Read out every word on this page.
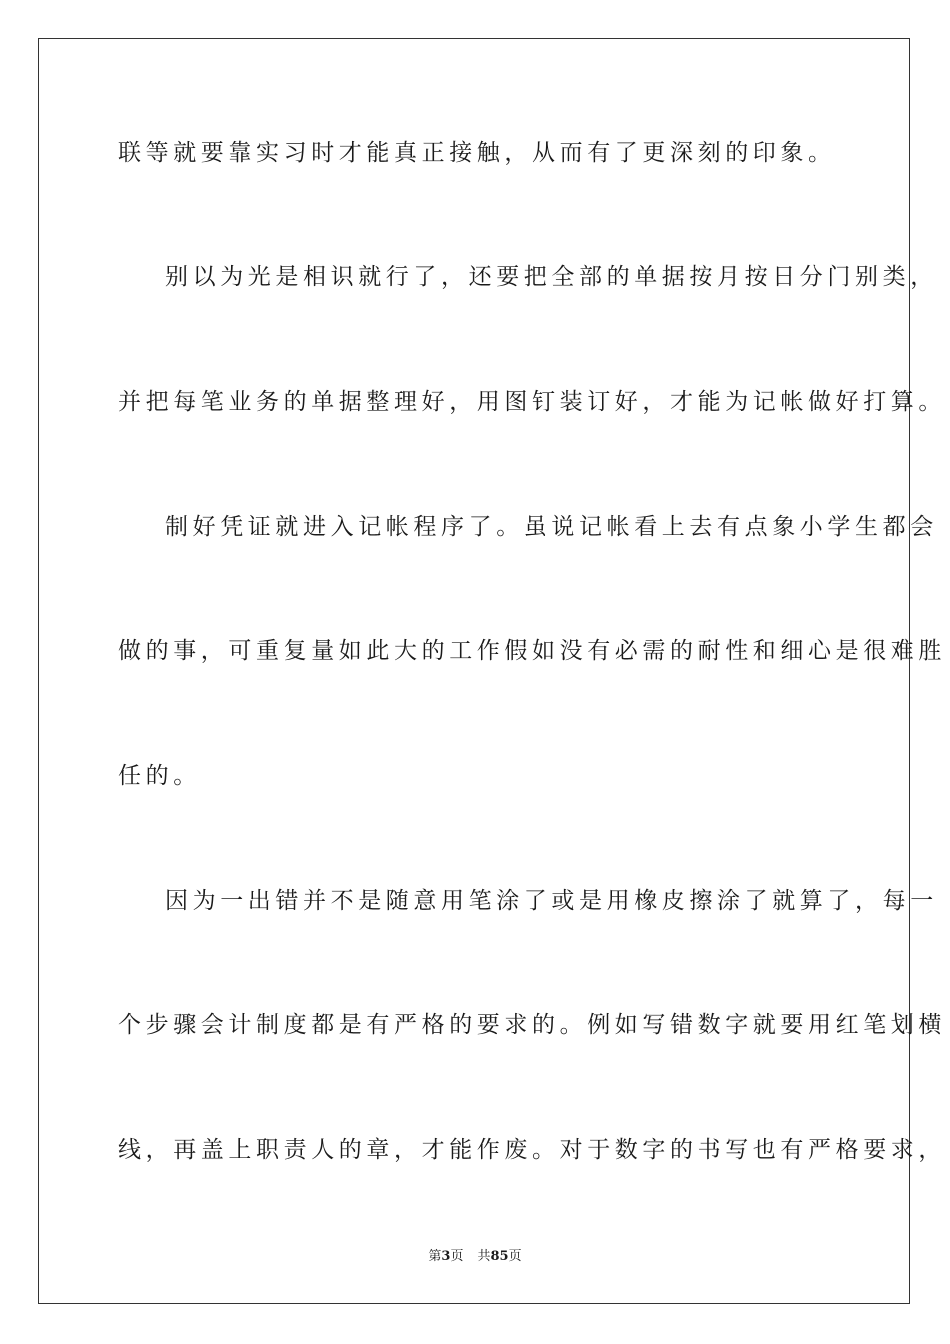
联等就要靠实习时才能真正接触，从而有了更深刻的印象。
别以为光是相识就行了，还要把全部的单据按月按日分门别类，
并把每笔业务的单据整理好，用图钉装订好，才能为记帐做好打算。
制好凭证就进入记帐程序了。虽说记帐看上去有点象小学生都会
做的事，可重复量如此大的工作假如没有必需的耐性和细心是很难胜
任的。
因为一出错并不是随意用笔涂了或是用橡皮擦涂了就算了，每一
个步骤会计制度都是有严格的要求的。例如写错数字就要用红笔划横
线，再盖上职责人的章，才能作废。对于数字的书写也有严格要求，
第3页 共85页
